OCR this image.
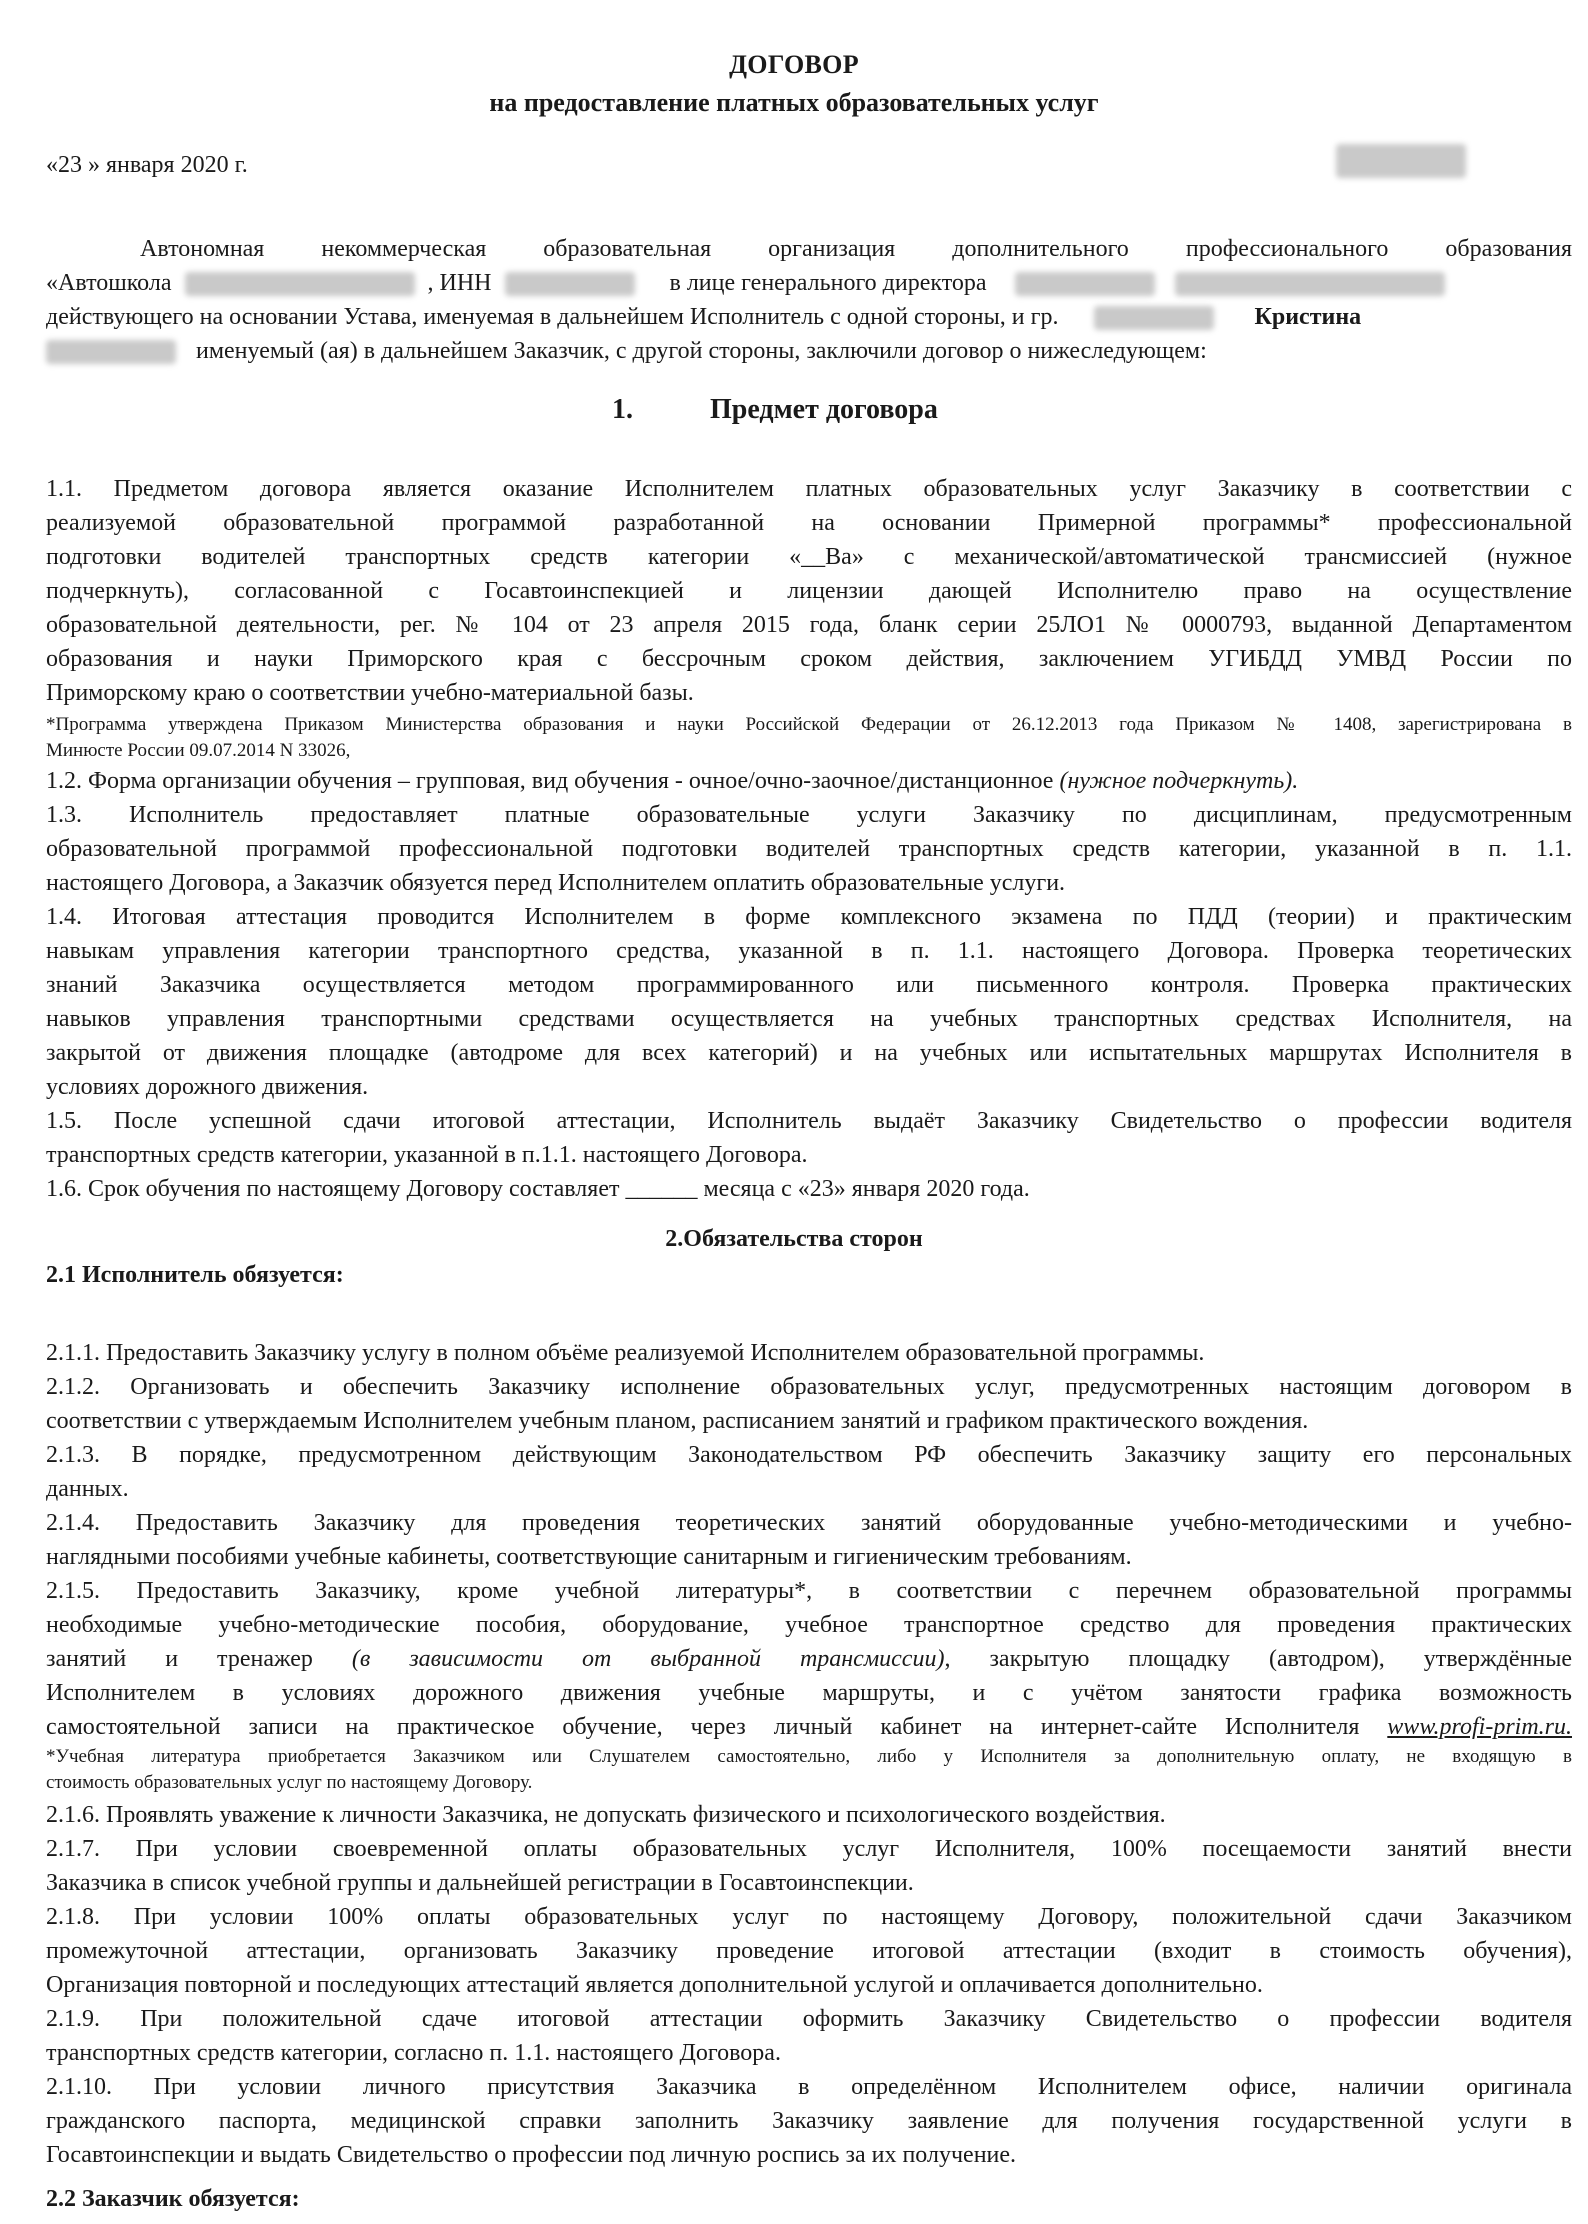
ДОГОВОР
на предоставление платных образовательных услуг
«23 » января 2020 г.
Автономная некоммерческая образовательная организация дополнительного профессионального образования
«Автошкола	, ИНН	в лице генерального директора
действующего на основании Устава, именуемая в дальнейшем Исполнитель с одной стороны, и гр.	Кристина
именуемый (ая) в дальнейшем Заказчик, с другой стороны, заключили договор о нижеследующем:
1.	Предмет договора
1.1. Предметом договора является оказание Исполнителем платных образовательных услуг Заказчику в соответствии с
реализуемой образовательной программой разработанной на основании Примерной программы* профессиональной
подготовки водителей транспортных средств категории «__Ва» с механической/автоматической трансмиссией (нужное
подчеркнуть), согласованной с Госавтоинспекцией и лицензии дающей Исполнителю право на осуществление
образовательной деятельности, рег. № 104 от 23 апреля 2015 года, бланк серии 25ЛО1 № 0000793, выданной Департаментом
образования и науки Приморского края с бессрочным сроком действия, заключением УГИБДД УМВД России по
Приморскому краю о соответствии учебно-материальной базы.
*Программа утверждена Приказом Министерства образования и науки Российской Федерации от 26.12.2013 года Приказом № 1408, зарегистрирована в
Минюсте России 09.07.2014 N 33026,
1.2. Форма организации обучения – групповая, вид обучения - очное/очно-заочное/дистанционное (нужное подчеркнуть).
1.3. Исполнитель предоставляет платные образовательные услуги Заказчику по дисциплинам, предусмотренным
образовательной программой профессиональной подготовки водителей транспортных средств категории, указанной в п. 1.1.
настоящего Договора, а Заказчик обязуется перед Исполнителем оплатить образовательные услуги.
1.4. Итоговая аттестация проводится Исполнителем в форме комплексного экзамена по ПДД (теории) и практическим
навыкам управления категории транспортного средства, указанной в п. 1.1. настоящего Договора. Проверка теоретических
знаний Заказчика осуществляется методом программированного или письменного контроля. Проверка практических
навыков управления транспортными средствами осуществляется на учебных транспортных средствах Исполнителя, на
закрытой от движения площадке (автодроме для всех категорий) и на учебных или испытательных маршрутах Исполнителя в
условиях дорожного движения.
1.5. После успешной сдачи итоговой аттестации, Исполнитель выдаёт Заказчику Свидетельство о профессии водителя
транспортных средств категории, указанной в п.1.1. настоящего Договора.
1.6. Срок обучения по настоящему Договору составляет ______ месяца с «23» января 2020 года.
2.Обязательства сторон
2.1 Исполнитель обязуется:
2.1.1. Предоставить Заказчику услугу в полном объёме реализуемой Исполнителем образовательной программы.
2.1.2. Организовать и обеспечить Заказчику исполнение образовательных услуг, предусмотренных настоящим договором в
соответствии с утверждаемым Исполнителем учебным планом, расписанием занятий и графиком практического вождения.
2.1.3. В порядке, предусмотренном действующим Законодательством РФ обеспечить Заказчику защиту его персональных
данных.
2.1.4. Предоставить Заказчику для проведения теоретических занятий оборудованные учебно-методическими и учебно-
наглядными пособиями учебные кабинеты, соответствующие санитарным и гигиеническим требованиям.
2.1.5. Предоставить Заказчику, кроме учебной литературы*, в соответствии с перечнем образовательной программы
необходимые учебно-методические пособия, оборудование, учебное транспортное средство для проведения практических
занятий и тренажер (в зависимости от выбранной трансмиссии), закрытую площадку (автодром), утверждённые
Исполнителем в условиях дорожного движения учебные маршруты, и с учётом занятости графика возможность
самостоятельной записи на практическое обучение, через личный кабинет на интернет-сайте Исполнителя www.profi-prim.ru.
*Учебная литература приобретается Заказчиком или Слушателем самостоятельно, либо у Исполнителя за дополнительную оплату, не входящую в
стоимость образовательных услуг по настоящему Договору.
2.1.6. Проявлять уважение к личности Заказчика, не допускать физического и психологического воздействия.
2.1.7. При условии своевременной оплаты образовательных услуг Исполнителя, 100% посещаемости занятий внести
Заказчика в список учебной группы и дальнейшей регистрации в Госавтоинспекции.
2.1.8. При условии 100% оплаты образовательных услуг по настоящему Договору, положительной сдачи Заказчиком
промежуточной аттестации, организовать Заказчику проведение итоговой аттестации (входит в стоимость обучения),
Организация повторной и последующих аттестаций является дополнительной услугой и оплачивается дополнительно.
2.1.9. При положительной сдаче итоговой аттестации оформить Заказчику Свидетельство о профессии водителя
транспортных средств категории, согласно п. 1.1. настоящего Договора.
2.1.10. При условии личного присутствия Заказчика в определённом Исполнителем офисе, наличии оригинала
гражданского паспорта, медицинской справки заполнить Заказчику заявление для получения государственной услуги в
Госавтоинспекции и выдать Свидетельство о профессии под личную роспись за их получение.
2.2 Заказчик обязуется:
